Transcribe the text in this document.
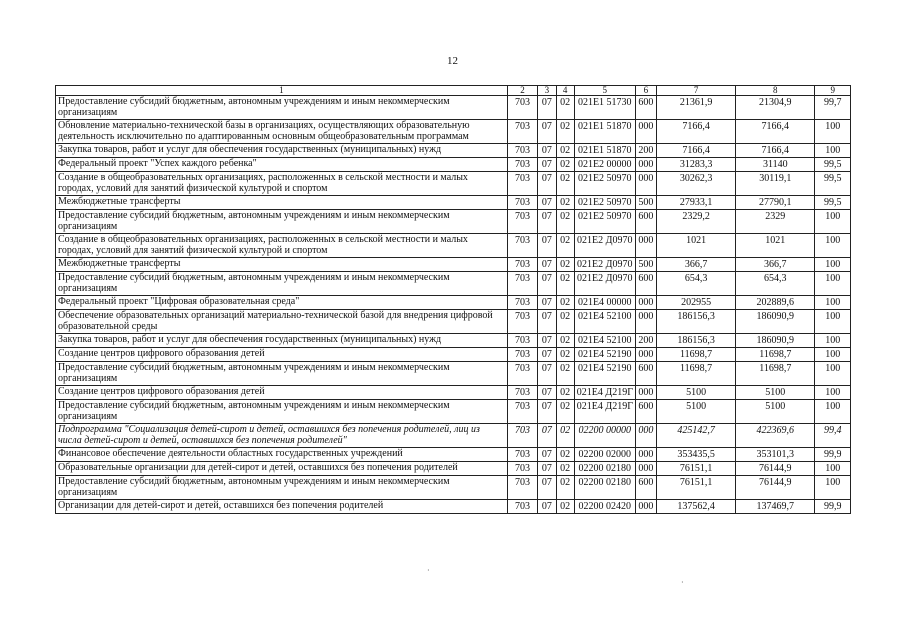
12
1	2	3	4	5	6	7	8	9
Предоставление субсидий бюджетным, автономным учреждениям и иным некоммерческим организациям	703	07	02	021E1 51730	600	21361,9	21304,9	99,7
Обновление материально-технической базы в организациях, осуществляющих образовательную деятельность исключительно по адаптированным основным общеобразовательным программам	703	07	02	021E1 51870	000	7166,4	7166,4	100
Закупка товаров, работ и услуг для обеспечения государственных (муниципальных) нужд	703	07	02	021E1 51870	200	7166,4	7166,4	100
Федеральный проект "Успех каждого ребенка"	703	07	02	021E2 00000	000	31283,3	31140	99,5
Создание в общеобразовательных организациях, расположенных в сельской местности и малых городах, условий для занятий физической культурой и спортом	703	07	02	021E2 50970	000	30262,3	30119,1	99,5
Межбюджетные трансферты	703	07	02	021E2 50970	500	27933,1	27790,1	99,5
Предоставление субсидий бюджетным, автономным учреждениям и иным некоммерческим организациям	703	07	02	021E2 50970	600	2329,2	2329	100
Создание в общеобразовательных организациях, расположенных в сельской местности и малых городах, условий для занятий физической культурой и спортом	703	07	02	021E2 Д0970	000	1021	1021	100
Межбюджетные трансферты	703	07	02	021E2 Д0970	500	366,7	366,7	100
Предоставление субсидий бюджетным, автономным учреждениям и иным некоммерческим организациям	703	07	02	021E2 Д0970	600	654,3	654,3	100
Федеральный проект "Цифровая образовательная среда"	703	07	02	021E4 00000	000	202955	202889,6	100
Обеспечение образовательных организаций материально-технической базой для внедрения цифровой образовательной среды	703	07	02	021E4 52100	000	186156,3	186090,9	100
Закупка товаров, работ и услуг для обеспечения государственных (муниципальных) нужд	703	07	02	021E4 52100	200	186156,3	186090,9	100
Создание центров цифрового образования детей	703	07	02	021E4 52190	000	11698,7	11698,7	100
Предоставление субсидий бюджетным, автономным учреждениям и иным некоммерческим организациям	703	07	02	021E4 52190	600	11698,7	11698,7	100
Создание центров цифрового образования детей	703	07	02	021E4 Д219Г	000	5100	5100	100
Предоставление субсидий бюджетным, автономным учреждениям и иным некоммерческим организациям	703	07	02	021E4 Д219Г	600	5100	5100	100
Подпрограмма "Социализация детей-сирот и детей, оставшихся без попечения родителей, лиц из числа детей-сирот и детей, оставшихся без попечения родителей"	703	07	02	02200 00000	000	425142,7	422369,6	99,4
Финансовое обеспечение деятельности областных государственных учреждений	703	07	02	02200 02000	000	353435,5	353101,3	99,9
Образовательные организации для детей-сирот и детей, оставшихся без попечения родителей	703	07	02	02200 02180	000	76151,1	76144,9	100
Предоставление субсидий бюджетным, автономным учреждениям и иным некоммерческим организациям	703	07	02	02200 02180	600	76151,1	76144,9	100
Организации для детей-сирот и детей, оставшихся без попечения родителей	703	07	02	02200 02420	000	137562,4	137469,7	99,9
·
·
